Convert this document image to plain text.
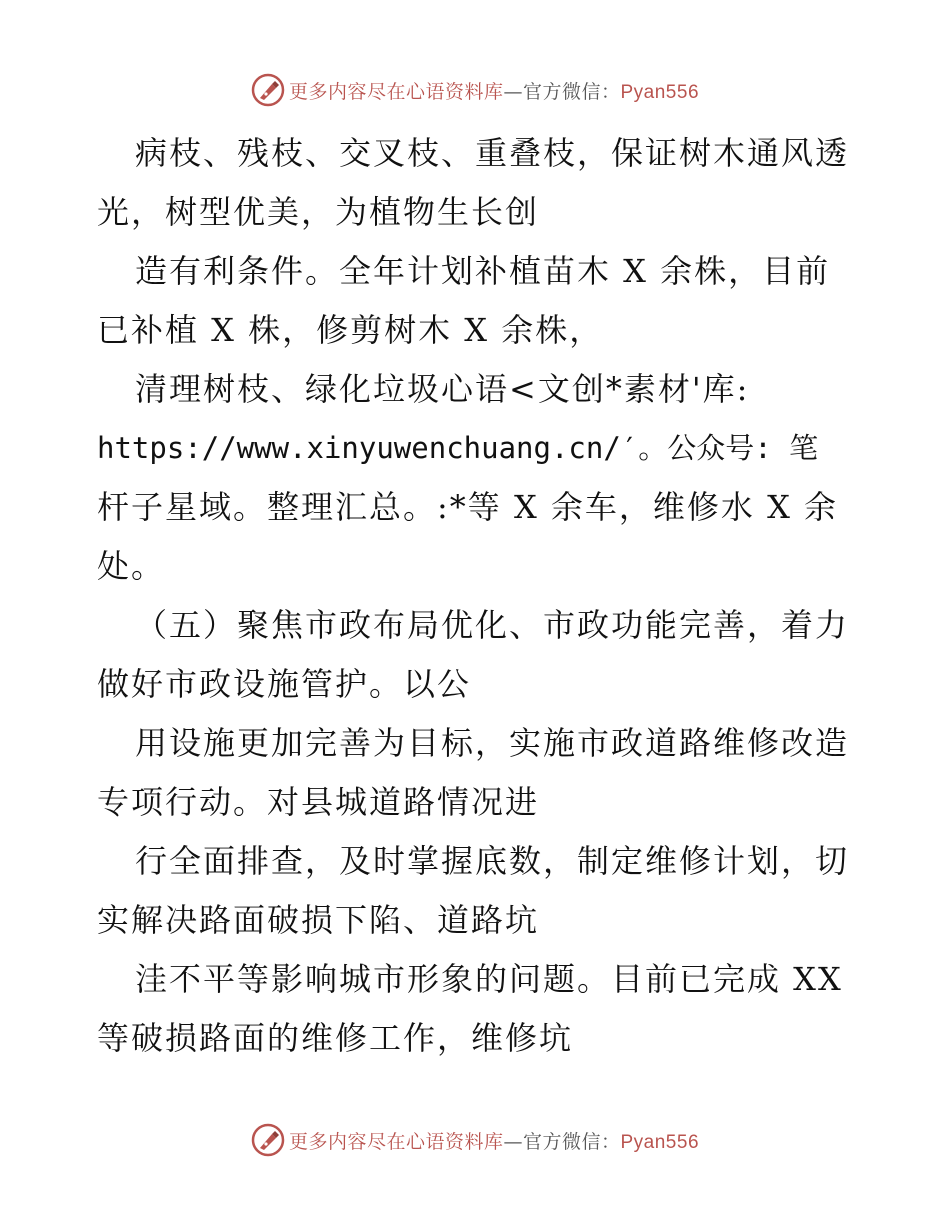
更多内容尽在心语资料库—官方微信：Pyan556
病枝、残枝、交叉枝、重叠枝，保证树木通风透
光，树型优美，为植物生长创
造有利条件。全年计划补植苗木 X 余株，目前
已补植 X 株，修剪树木 X 余株，
清理树枝、绿化垃圾心语<文创*素材'库:
https://www.xinyuwenchuang.cn/′。公众号: 笔
杆子星域。整理汇总。:*等 X 余车，维修水 X 余
处。
（五）聚焦市政布局优化、市政功能完善，着力
做好市政设施管护。以公
用设施更加完善为目标，实施市政道路维修改造
专项行动。对县城道路情况进
行全面排查，及时掌握底数，制定维修计划，切
实解决路面破损下陷、道路坑
洼不平等影响城市形象的问题。目前已完成 XX
等破损路面的维修工作，维修坑
更多内容尽在心语资料库—官方微信：Pyan556
